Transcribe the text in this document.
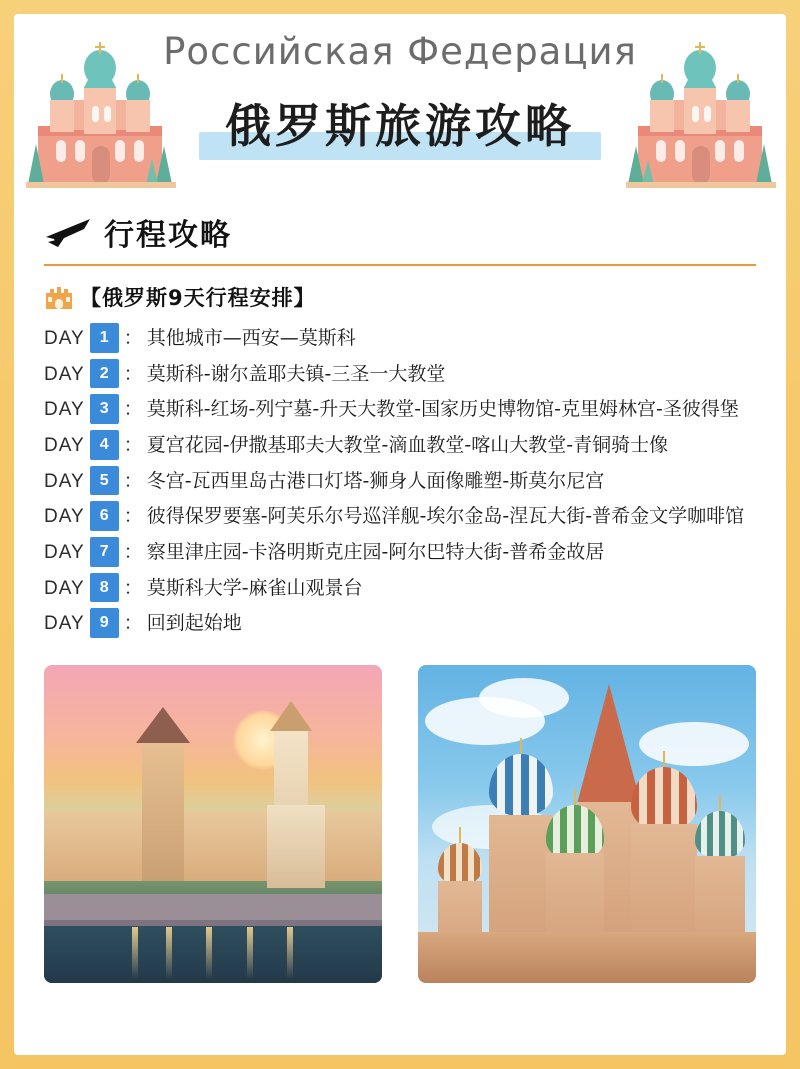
Российская Федерация
俄罗斯旅游攻略
行程攻略
【俄罗斯9天行程安排】
DAY 1 ： 其他城市—西安—莫斯科
DAY 2 ： 莫斯科-谢尔盖耶夫镇-三圣一大教堂
DAY 3 ： 莫斯科-红场-列宁墓-升天大教堂-国家历史博物馆-克里姆林宫-圣彼得堡
DAY 4 ： 夏宫花园-伊撒基耶夫大教堂-滴血教堂-喀山大教堂-青铜骑士像
DAY 5 ： 冬宫-瓦西里岛古港口灯塔-狮身人面像雕塑-斯莫尔尼宫
DAY 6 ： 彼得保罗要塞-阿芙乐尔号巡洋舰-埃尔金岛-涅瓦大街-普希金文学咖啡馆
DAY 7 ： 察里津庄园-卡洛明斯克庄园-阿尔巴特大街-普希金故居
DAY 8 ： 莫斯科大学-麻雀山观景台
DAY 9 ： 回到起始地
